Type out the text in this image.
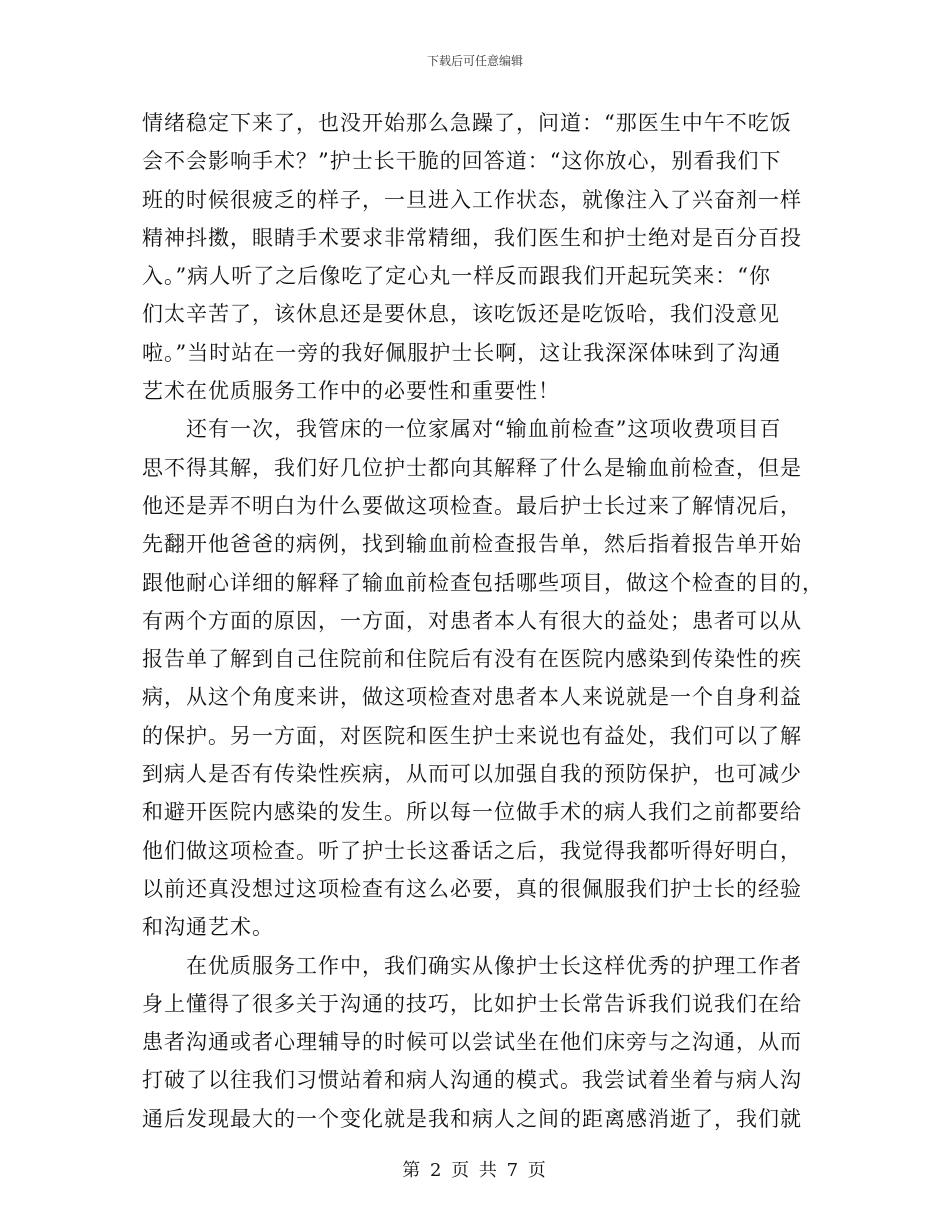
下载后可任意编辑

情绪稳定下来了，也没开始那么急躁了，问道：“那医生中午不吃饭
会不会影响手术？”护士长干脆的回答道：“这你放心，别看我们下
班的时候很疲乏的样子，一旦进入工作状态，就像注入了兴奋剂一样
精神抖擞，眼睛手术要求非常精细，我们医生和护士绝对是百分百投
入。”病人听了之后像吃了定心丸一样反而跟我们开起玩笑来：“你
们太辛苦了，该休息还是要休息，该吃饭还是吃饭哈，我们没意见
啦。”当时站在一旁的我好佩服护士长啊，这让我深深体味到了沟通
艺术在优质服务工作中的必要性和重要性！

还有一次，我管床的一位家属对“输血前检查”这项收费项目百
思不得其解，我们好几位护士都向其解释了什么是输血前检查，但是
他还是弄不明白为什么要做这项检查。最后护士长过来了解情况后，
先翻开他爸爸的病例，找到输血前检查报告单，然后指着报告单开始
跟他耐心详细的解释了输血前检查包括哪些项目，做这个检查的目的，
有两个方面的原因，一方面，对患者本人有很大的益处；患者可以从
报告单了解到自己住院前和住院后有没有在医院内感染到传染性的疾
病，从这个角度来讲，做这项检查对患者本人来说就是一个自身利益
的保护。另一方面，对医院和医生护士来说也有益处，我们可以了解
到病人是否有传染性疾病，从而可以加强自我的预防保护，也可减少
和避开医院内感染的发生。所以每一位做手术的病人我们之前都要给
他们做这项检查。听了护士长这番话之后，我觉得我都听得好明白，
以前还真没想过这项检查有这么必要，真的很佩服我们护士长的经验
和沟通艺术。

在优质服务工作中，我们确实从像护士长这样优秀的护理工作者
身上懂得了很多关于沟通的技巧，比如护士长常告诉我们说我们在给
患者沟通或者心理辅导的时候可以尝试坐在他们床旁与之沟通，从而
打破了以往我们习惯站着和病人沟通的模式。我尝试着坐着与病人沟
通后发现最大的一个变化就是我和病人之间的距离感消逝了，我们就

第 2 页 共 7 页
